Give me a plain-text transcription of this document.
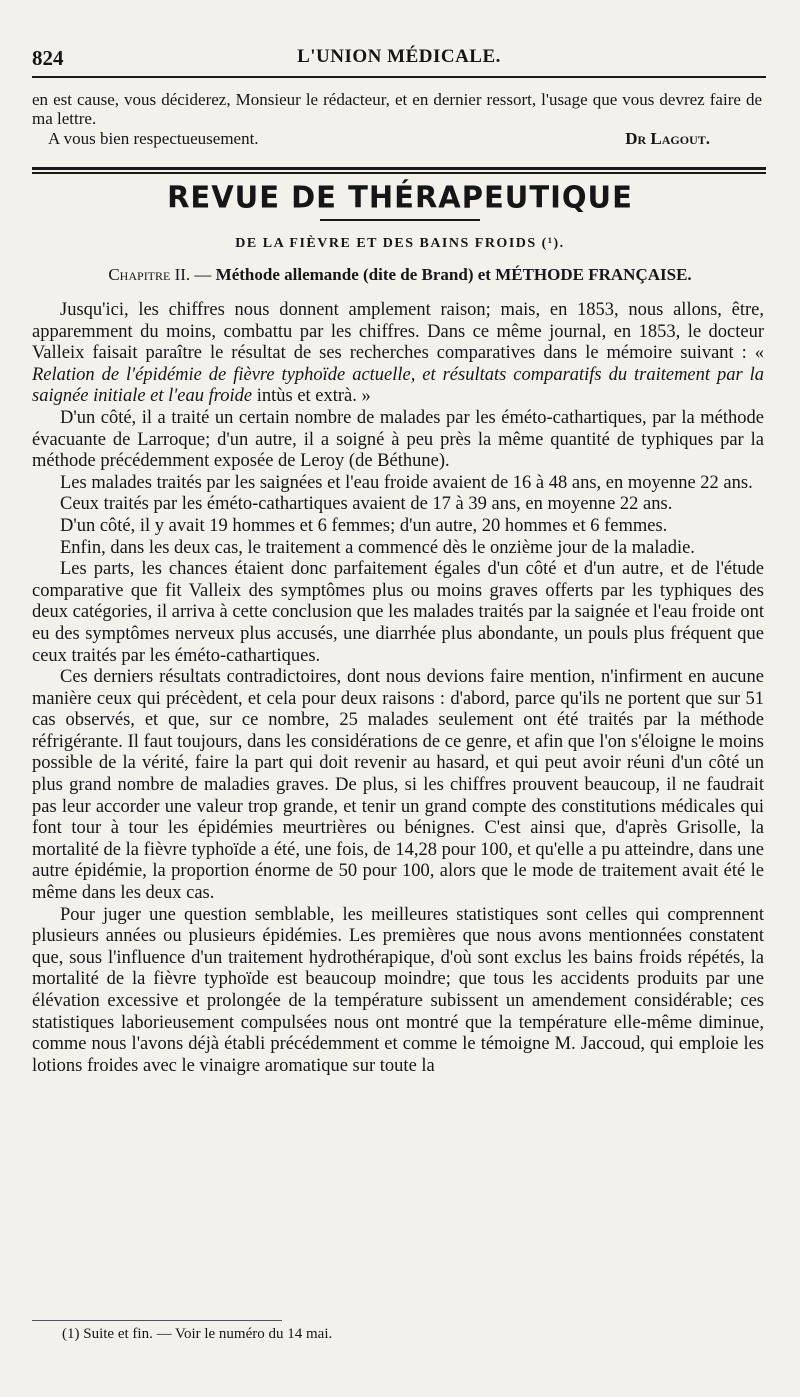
824	L'UNION MÉDICALE.

en est cause, vous déciderez, Monsieur le rédacteur, et en dernier ressort, l'usage que vous devrez faire de ma lettre.

A vous bien respectueusement.	Dr Lagout.
REVUE DE THÉRAPEUTIQUE
DE LA FIÈVRE ET DES BAINS FROIDS (¹).
Chapitre II. — Méthode allemande (dite de Brand) et MÉTHODE FRANÇAISE.

Jusqu'ici, les chiffres nous donnent amplement raison; mais, en 1853, nous allons, être, apparemment du moins, combattu par les chiffres. Dans ce même journal, en 1853, le docteur Valleix faisait paraître le résultat de ses recherches comparatives dans le mémoire suivant : « Relation de l'épidémie de fièvre typhoïde actuelle, et résultats comparatifs du traitement par la saignée initiale et l'eau froide intùs et extrà. »

D'un côté, il a traité un certain nombre de malades par les éméto-cathartiques, par la méthode évacuante de Larroque; d'un autre, il a soigné à peu près la même quantité de typhiques par la méthode précédemment exposée de Leroy (de Béthune).

Les malades traités par les saignées et l'eau froide avaient de 16 à 48 ans, en moyenne 22 ans.

Ceux traités par les éméto-cathartiques avaient de 17 à 39 ans, en moyenne 22 ans.

D'un côté, il y avait 19 hommes et 6 femmes; d'un autre, 20 hommes et 6 femmes.

Enfin, dans les deux cas, le traitement a commencé dès le onzième jour de la maladie.

Les parts, les chances étaient donc parfaitement égales d'un côté et d'un autre, et de l'étude comparative que fit Valleix des symptômes plus ou moins graves offerts par les typhiques des deux catégories, il arriva à cette conclusion que les malades traités par la saignée et l'eau froide ont eu des symptômes nerveux plus accusés, une diarrhée plus abondante, un pouls plus fréquent que ceux traités par les éméto-cathartiques.

Ces derniers résultats contradictoires, dont nous devions faire mention, n'infirment en aucune manière ceux qui précèdent, et cela pour deux raisons : d'abord, parce qu'ils ne portent que sur 51 cas observés, et que, sur ce nombre, 25 malades seulement ont été traités par la méthode réfrigérante. Il faut toujours, dans les considérations de ce genre, et afin que l'on s'éloigne le moins possible de la vérité, faire la part qui doit revenir au hasard, et qui peut avoir réuni d'un côté un plus grand nombre de maladies graves. De plus, si les chiffres prouvent beaucoup, il ne faudrait pas leur accorder une valeur trop grande, et tenir un grand compte des constitutions médicales qui font tour à tour les épidémies meurtrières ou bénignes. C'est ainsi que, d'après Grisolle, la mortalité de la fièvre typhoïde a été, une fois, de 14,28 pour 100, et qu'elle a pu atteindre, dans une autre épidémie, la proportion énorme de 50 pour 100, alors que le mode de traitement avait été le même dans les deux cas.

Pour juger une question semblable, les meilleures statistiques sont celles qui comprennent plusieurs années ou plusieurs épidémies. Les premières que nous avons mentionnées constatent que, sous l'influence d'un traitement hydrothérapique, d'où sont exclus les bains froids répétés, la mortalité de la fièvre typhoïde est beaucoup moindre; que tous les accidents produits par une élévation excessive et prolongée de la température subissent un amendement considérable; ces statistiques laborieusement compulsées nous ont montré que la température elle-même diminue, comme nous l'avons déjà établi précédemment et comme le témoigne M. Jaccoud, qui emploie les lotions froides avec le vinaigre aromatique sur toute la

(1) Suite et fin. — Voir le numéro du 14 mai.
